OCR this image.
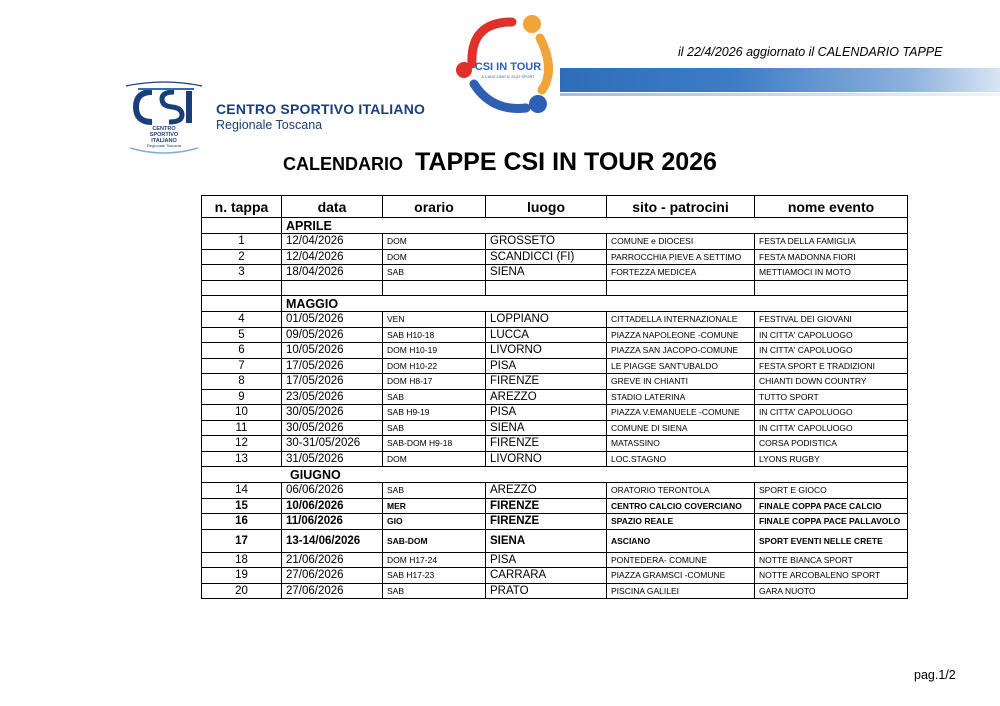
il 22/4/2026 aggiornato il CALENDARIO TAPPE
CENTRO
SPORTIVO
ITALIANO
Regionale Toscana
CENTRO SPORTIVO ITALIANO
Regionale Toscana
CSI IN TOUR
A CIASCUNO IL SUO SPORT
CALENDARIO TAPPE CSI IN TOUR 2026
n. tappa	data	orario	luogo	sito - patrocini	nome evento
	APRILE				
1	12/04/2026	DOM	GROSSETO	COMUNE e DIOCESI	FESTA DELLA FAMIGLIA
2	12/04/2026	DOM	SCANDICCI (FI)	PARROCCHIA PIEVE A SETTIMO	FESTA MADONNA FIORI
3	18/04/2026	SAB	SIENA	FORTEZZA MEDICEA	METTIAMOCI IN MOTO

	MAGGIO				
4	01/05/2026	VEN	LOPPIANO	CITTADELLA INTERNAZIONALE	FESTIVAL DEI GIOVANI
5	09/05/2026	SAB H10-18	LUCCA	PIAZZA NAPOLEONE -COMUNE	IN CITTA' CAPOLUOGO
6	10/05/2026	DOM H10-19	LIVORNO	PIAZZA SAN JACOPO-COMUNE	IN CITTA' CAPOLUOGO
7	17/05/2026	DOM H10-22	PISA	LE PIAGGE SANT'UBALDO	FESTA SPORT E TRADIZIONI
8	17/05/2026	DOM H8-17	FIRENZE	GREVE IN CHIANTI	CHIANTI DOWN COUNTRY
9	23/05/2026	SAB	AREZZO	STADIO LATERINA	TUTTO SPORT
10	30/05/2026	SAB H9-19	PISA	PIAZZA V.EMANUELE -COMUNE	IN CITTA' CAPOLUOGO
11	30/05/2026	SAB	SIENA	COMUNE DI SIENA	IN CITTA' CAPOLUOGO
12	30-31/05/2026	SAB-DOM H9-18	FIRENZE	MATASSINO	CORSA PODISTICA
13	31/05/2026	DOM	LIVORNO	LOC.STAGNO	LYONS RUGBY
GIUGNO					
14	06/06/2026	SAB	AREZZO	ORATORIO TERONTOLA	SPORT E GIOCO
15	10/06/2026	MER	FIRENZE	CENTRO CALCIO COVERCIANO	FINALE COPPA PACE CALCIO
16	11/06/2026	GIO	FIRENZE	SPAZIO REALE	FINALE COPPA PACE PALLAVOLO
17	13-14/06/2026	SAB-DOM	SIENA	ASCIANO	SPORT EVENTI NELLE CRETE
18	21/06/2026	DOM H17-24	PISA	PONTEDERA- COMUNE	NOTTE BIANCA SPORT
19	27/06/2026	SAB H17-23	CARRARA	PIAZZA GRAMSCI -COMUNE	NOTTE ARCOBALENO SPORT
20	27/06/2026	SAB	PRATO	PISCINA GALILEI	GARA NUOTO
pag.1/2
